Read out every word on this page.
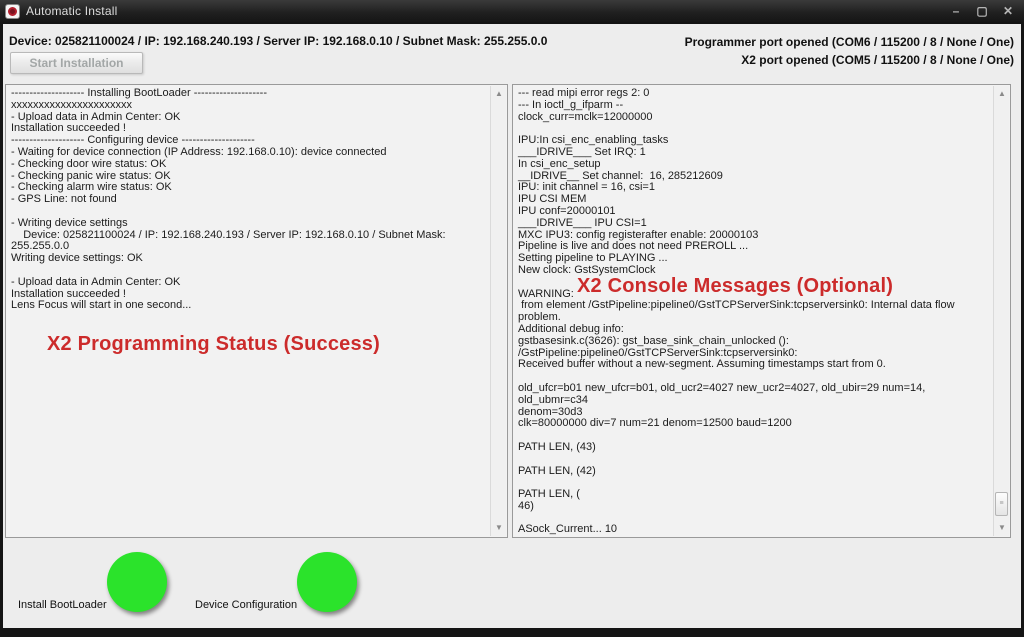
Automatic Install	–	▢ ✕
Device: 025821100024 / IP: 192.168.240.193 / Server IP: 192.168.0.10 / Subnet Mask: 255.255.0.0	Programmer port opened (COM6 / 115200 / 8 / None / One)
X2 port opened (COM5 / 115200 / 8 / None / One)
Start Installation
-------------------- Installing BootLoader --------------------
xxxxxxxxxxxxxxxxxxxxxx
- Upload data in Admin Center: OK
Installation succeeded !
-------------------- Configuring device --------------------
- Waiting for device connection (IP Address: 192.168.0.10): device connected
- Checking door wire status: OK
- Checking panic wire status: OK
- Checking alarm wire status: OK
- GPS Line: not found
- Writing device settings
Device: 025821100024 / IP: 192.168.240.193 / Server IP: 192.168.0.10 / Subnet Mask: 255.255.0.0
Writing device settings: OK
- Upload data in Admin Center: OK
Installation succeeded !
Lens Focus will start in one second...
X2 Programming Status (Success)
▲
▼
--- read mipi error regs 2: 0
--- In ioctl_g_ifparm --
clock_curr=mclk=12000000
IPU:In csi_enc_enabling_tasks
___IDRIVE___ Set IRQ: 1
In csi_enc_setup
__IDRIVE__ Set channel:  16, 285212609
IPU: init channel = 16, csi=1
IPU CSI MEM
IPU conf=20000101
___IDRIVE___ IPU CSI=1
MXC IPU3: config registerafter enable: 20000103
Pipeline is live and does not need PREROLL ...
Setting pipeline to PLAYING ...
New clock: GstSystemClock
WARNING:
from element /GstPipeline:pipeline0/GstTCPServerSink:tcpserversink0: Internal data flow problem.
Additional debug info:
gstbasesink.c(3626): gst_base_sink_chain_unlocked ():
/GstPipeline:pipeline0/GstTCPServerSink:tcpserversink0:
Received buffer without a new-segment. Assuming timestamps start from 0.
old_ufcr=b01 new_ufcr=b01, old_ucr2=4027 new_ucr2=4027, old_ubir=29 num=14, old_ubmr=c34
denom=30d3
clk=80000000 div=7 num=21 denom=12500 baud=1200
PATH LEN, (43)
PATH LEN, (42)
PATH LEN, (
46)
ASock_Current... 10
X2 Console Messages (Optional)
▲
≡
▼
Install BootLoader	Device Configuration
